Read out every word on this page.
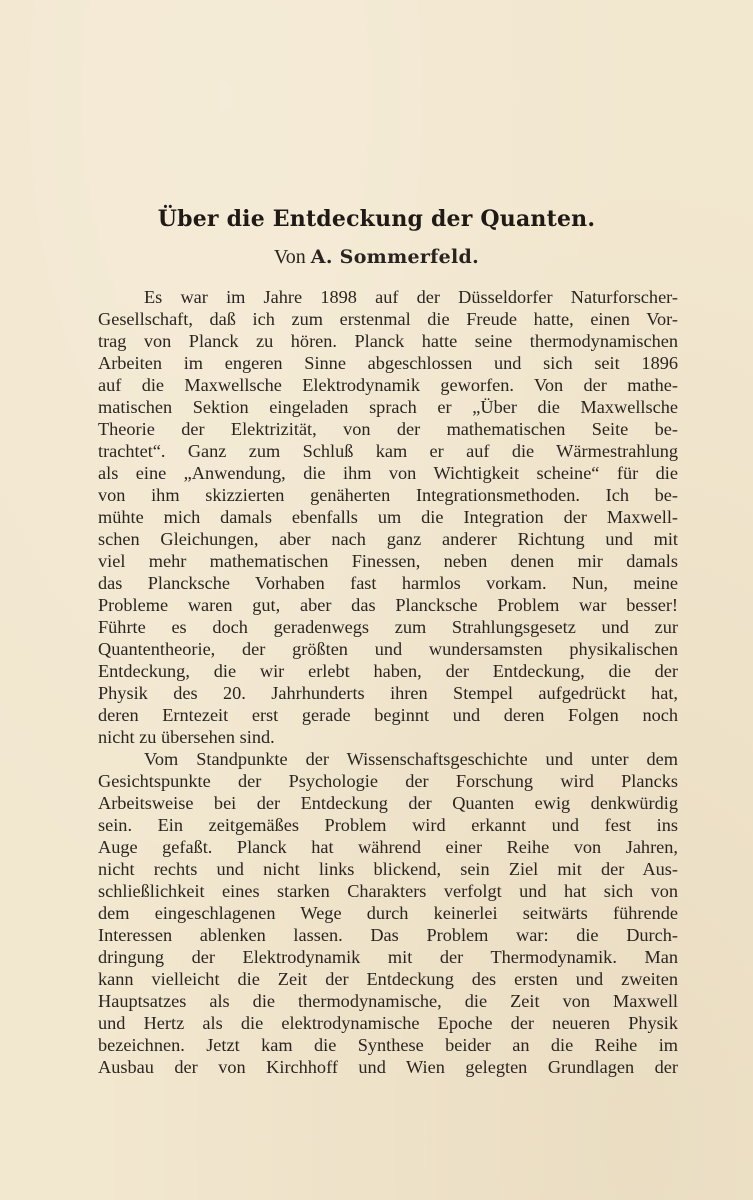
Über die Entdeckung der Quanten.
Von A. Sommerfeld.
Es war im Jahre 1898 auf der Düsseldorfer Naturforscher-
Gesellschaft, daß ich zum erstenmal die Freude hatte, einen Vor-
trag von Planck zu hören. Planck hatte seine thermodynamischen
Arbeiten im engeren Sinne abgeschlossen und sich seit 1896
auf die Maxwellsche Elektrodynamik geworfen. Von der mathe-
matischen Sektion eingeladen sprach er „Über die Maxwellsche
Theorie der Elektrizität, von der mathematischen Seite be-
trachtet“. Ganz zum Schluß kam er auf die Wärmestrahlung
als eine „Anwendung, die ihm von Wichtigkeit scheine“ für die
von ihm skizzierten genäherten Integrationsmethoden. Ich be-
mühte mich damals ebenfalls um die Integration der Maxwell-
schen Gleichungen, aber nach ganz anderer Richtung und mit
viel mehr mathematischen Finessen, neben denen mir damals
das Plancksche Vorhaben fast harmlos vorkam. Nun, meine
Probleme waren gut, aber das Plancksche Problem war besser!
Führte es doch geradenwegs zum Strahlungsgesetz und zur
Quantentheorie, der größten und wundersamsten physikalischen
Entdeckung, die wir erlebt haben, der Entdeckung, die der
Physik des 20. Jahrhunderts ihren Stempel aufgedrückt hat,
deren Erntezeit erst gerade beginnt und deren Folgen noch
nicht zu übersehen sind.
Vom Standpunkte der Wissenschaftsgeschichte und unter dem
Gesichtspunkte der Psychologie der Forschung wird Plancks
Arbeitsweise bei der Entdeckung der Quanten ewig denkwürdig
sein. Ein zeitgemäßes Problem wird erkannt und fest ins
Auge gefaßt. Planck hat während einer Reihe von Jahren,
nicht rechts und nicht links blickend, sein Ziel mit der Aus-
schließlichkeit eines starken Charakters verfolgt und hat sich von
dem eingeschlagenen Wege durch keinerlei seitwärts führende
Interessen ablenken lassen. Das Problem war: die Durch-
dringung der Elektrodynamik mit der Thermodynamik. Man
kann vielleicht die Zeit der Entdeckung des ersten und zweiten
Hauptsatzes als die thermodynamische, die Zeit von Maxwell
und Hertz als die elektrodynamische Epoche der neueren Physik
bezeichnen. Jetzt kam die Synthese beider an die Reihe im
Ausbau der von Kirchhoff und Wien gelegten Grundlagen der
